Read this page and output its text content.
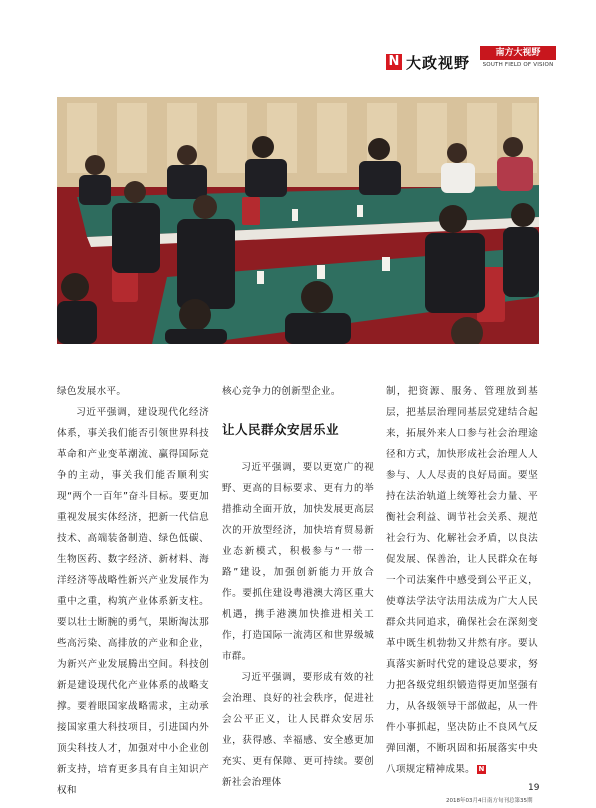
N 大政视野
南方大视野
SOUTH FIELD OF VISION

绿色发展水平。

习近平强调，建设现代化经济体系，事关我们能否引领世界科技革命和产业变革潮流、赢得国际竞争的主动，事关我们能否顺利实现“两个一百年”奋斗目标。要更加重视发展实体经济，把新一代信息技术、高端装备制造、绿色低碳、生物医药、数字经济、新材料、海洋经济等战略性新兴产业发展作为重中之重，构筑产业体系新支柱。要以壮士断腕的勇气，果断淘汰那些高污染、高排放的产业和企业，为新兴产业发展腾出空间。科技创新是建设现代化产业体系的战略支撑。要着眼国家战略需求，主动承接国家重大科技项目，引进国内外顶尖科技人才，加强对中小企业创新支持，培育更多具有自主知识产权和

核心竞争力的创新型企业。

让人民群众安居乐业

习近平强调，要以更宽广的视野、更高的目标要求、更有力的举措推动全面开放，加快发展更高层次的开放型经济，加快培育贸易新业态新模式，积极参与“一带一路”建设，加强创新能力开放合作。要抓住建设粤港澳大湾区重大机遇，携手港澳加快推进相关工作，打造国际一流湾区和世界级城市群。

习近平强调，要形成有效的社会治理、良好的社会秩序，促进社会公平正义，让人民群众安居乐业，获得感、幸福感、安全感更加充实、更有保障、更可持续。要创新社会治理体

制，把资源、服务、管理放到基层，把基层治理同基层党建结合起来，拓展外来人口参与社会治理途径和方式，加快形成社会治理人人参与、人人尽责的良好局面。要坚持在法治轨道上统筹社会力量、平衡社会利益、调节社会关系、规范社会行为、化解社会矛盾，以良法促发展、保善治，让人民群众在每一个司法案件中感受到公平正义，使尊法学法守法用法成为广大人民群众共同追求，确保社会在深刻变革中既生机勃勃又井然有序。要认真落实新时代党的建设总要求，努力把各级党组织锻造得更加坚强有力，从各级领导干部做起，从一件件小事抓起，坚决防止不良风气反弹回潮，不断巩固和拓展落实中央八项规定精神成果。 N

19
2018年03月4日南方旬刊总第35期
